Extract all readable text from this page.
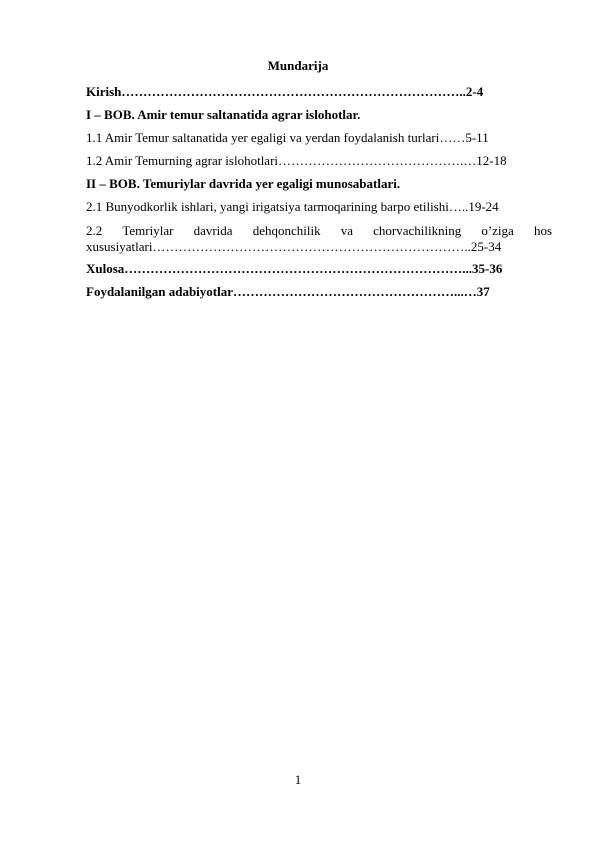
Mundarija
Kirish……………………………………………………………………..2-4
I – BOB. Amir temur saltanatida agrar islohotlar.
1.1 Amir Temur saltanatida yer egaligi va yerdan foydalanish turlari……5-11
1.2 Amir Temurning agrar islohotlari…………………………………….…12-18
II – BOB. Temuriylar davrida yer egaligi munosabatlari.
2.1 Bunyodkorlik ishlari, yangi irigatsiya tarmoqarining barpo etilishi…..19-24
2.2 Temriylar davrida dehqonchilik va chorvachilikning o’ziga hos
xususiyatlari………………………………………………………………..25-34
Xulosa……………………………………………………………………...35-36
Foydalanilgan adabiyotlar……………………………………………...…37
1
